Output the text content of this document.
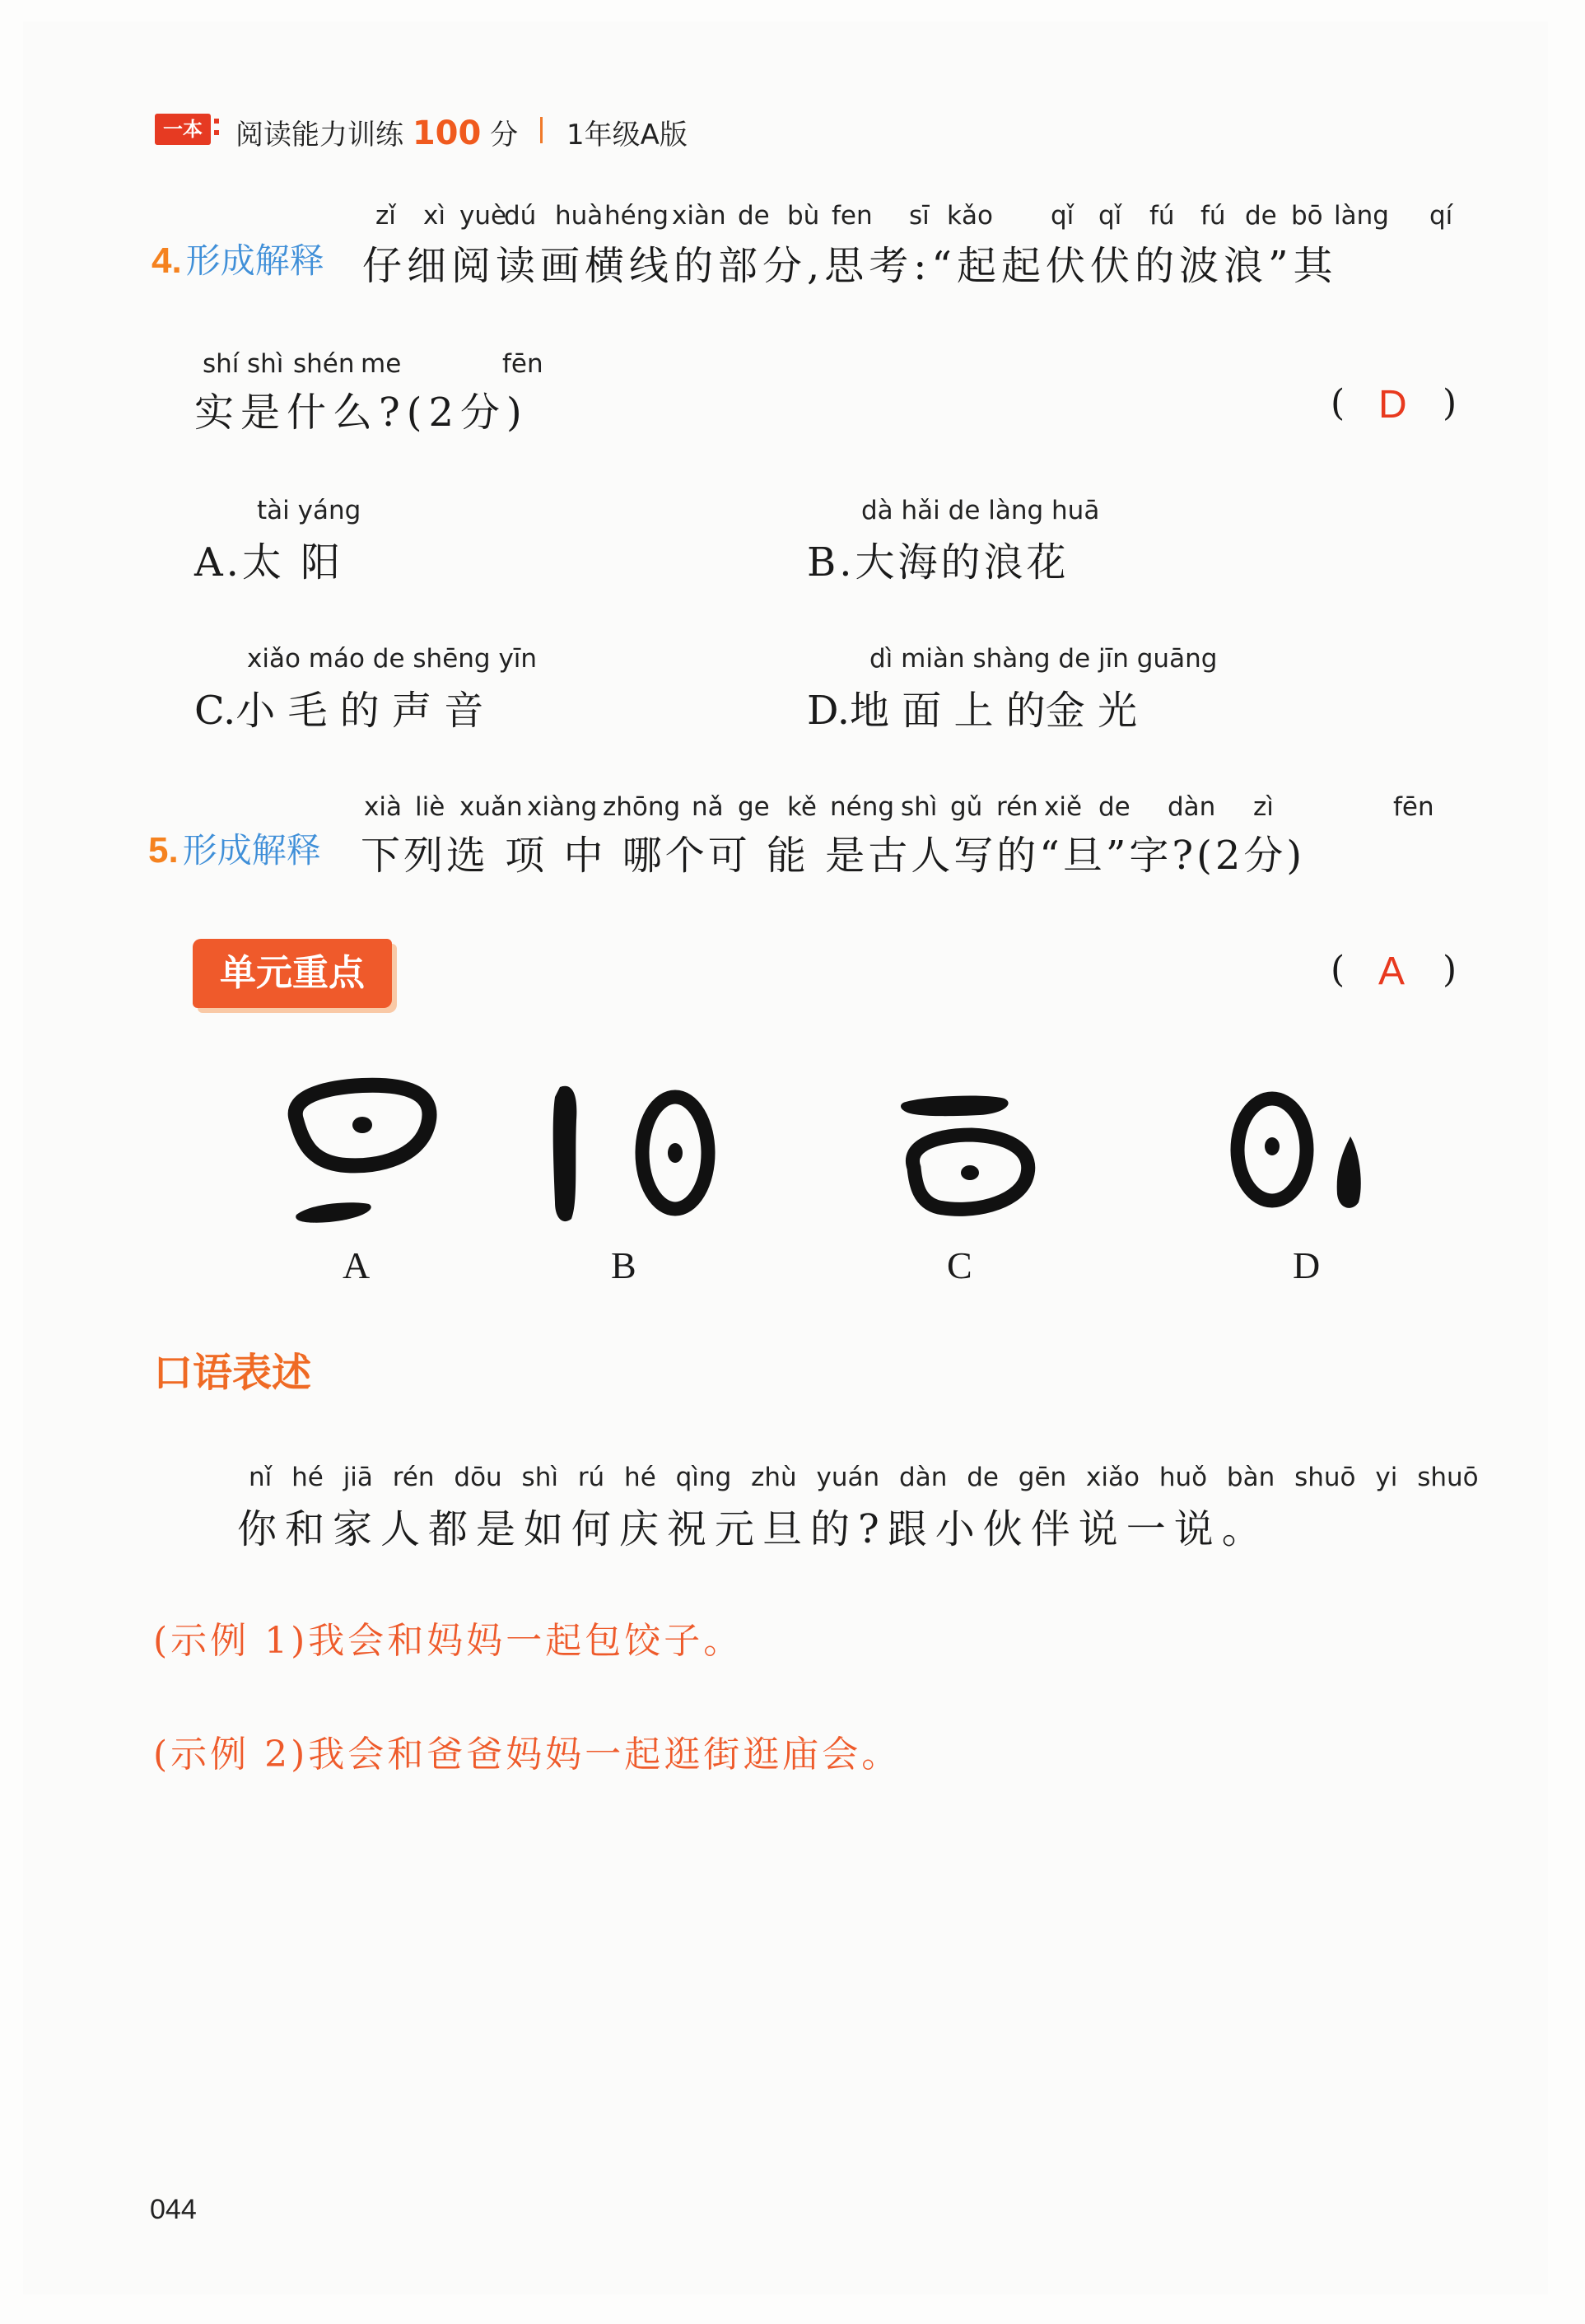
一本 阅读能力训练 100 分 1年级A版
4. 形成解释
zǐ xì yuè
dú huà héng xiàn de bù fen sī kǎo qǐ qǐ fú fú de bō làng qí
仔细阅读画横线的部分,思考:“起起伏伏的波浪”其
shí shì shén me	fēn
实是什么?(2分)	( D )
tài yáng
A.太 阳
dà hǎi de làng huā
B.大海的浪花
xiǎo máo de shēng yīn
C.小 毛 的 声 音
dì miàn shàng de jīn guāng
D.地 面 上 的金 光
5. 形成解释
xià liè xuǎn xiàng zhōng nǎ ge kě néng shì gǔ rén xiě de dàn zì	fēn
下列选 项 中 哪个可 能 是古人写的“旦”字?(2分)
单元重点	( A )
A	B	C	D
口语表述
nǐ hé jiā rén dōu shì rú hé qìng zhù yuán dàn de gēn xiǎo huǒ bàn shuō yi shuō
你和家人都是如何庆祝元旦的?跟小伙伴说一说。
(示例 1)我会和妈妈一起包饺子。
(示例 2)我会和爸爸妈妈一起逛街逛庙会。
044
